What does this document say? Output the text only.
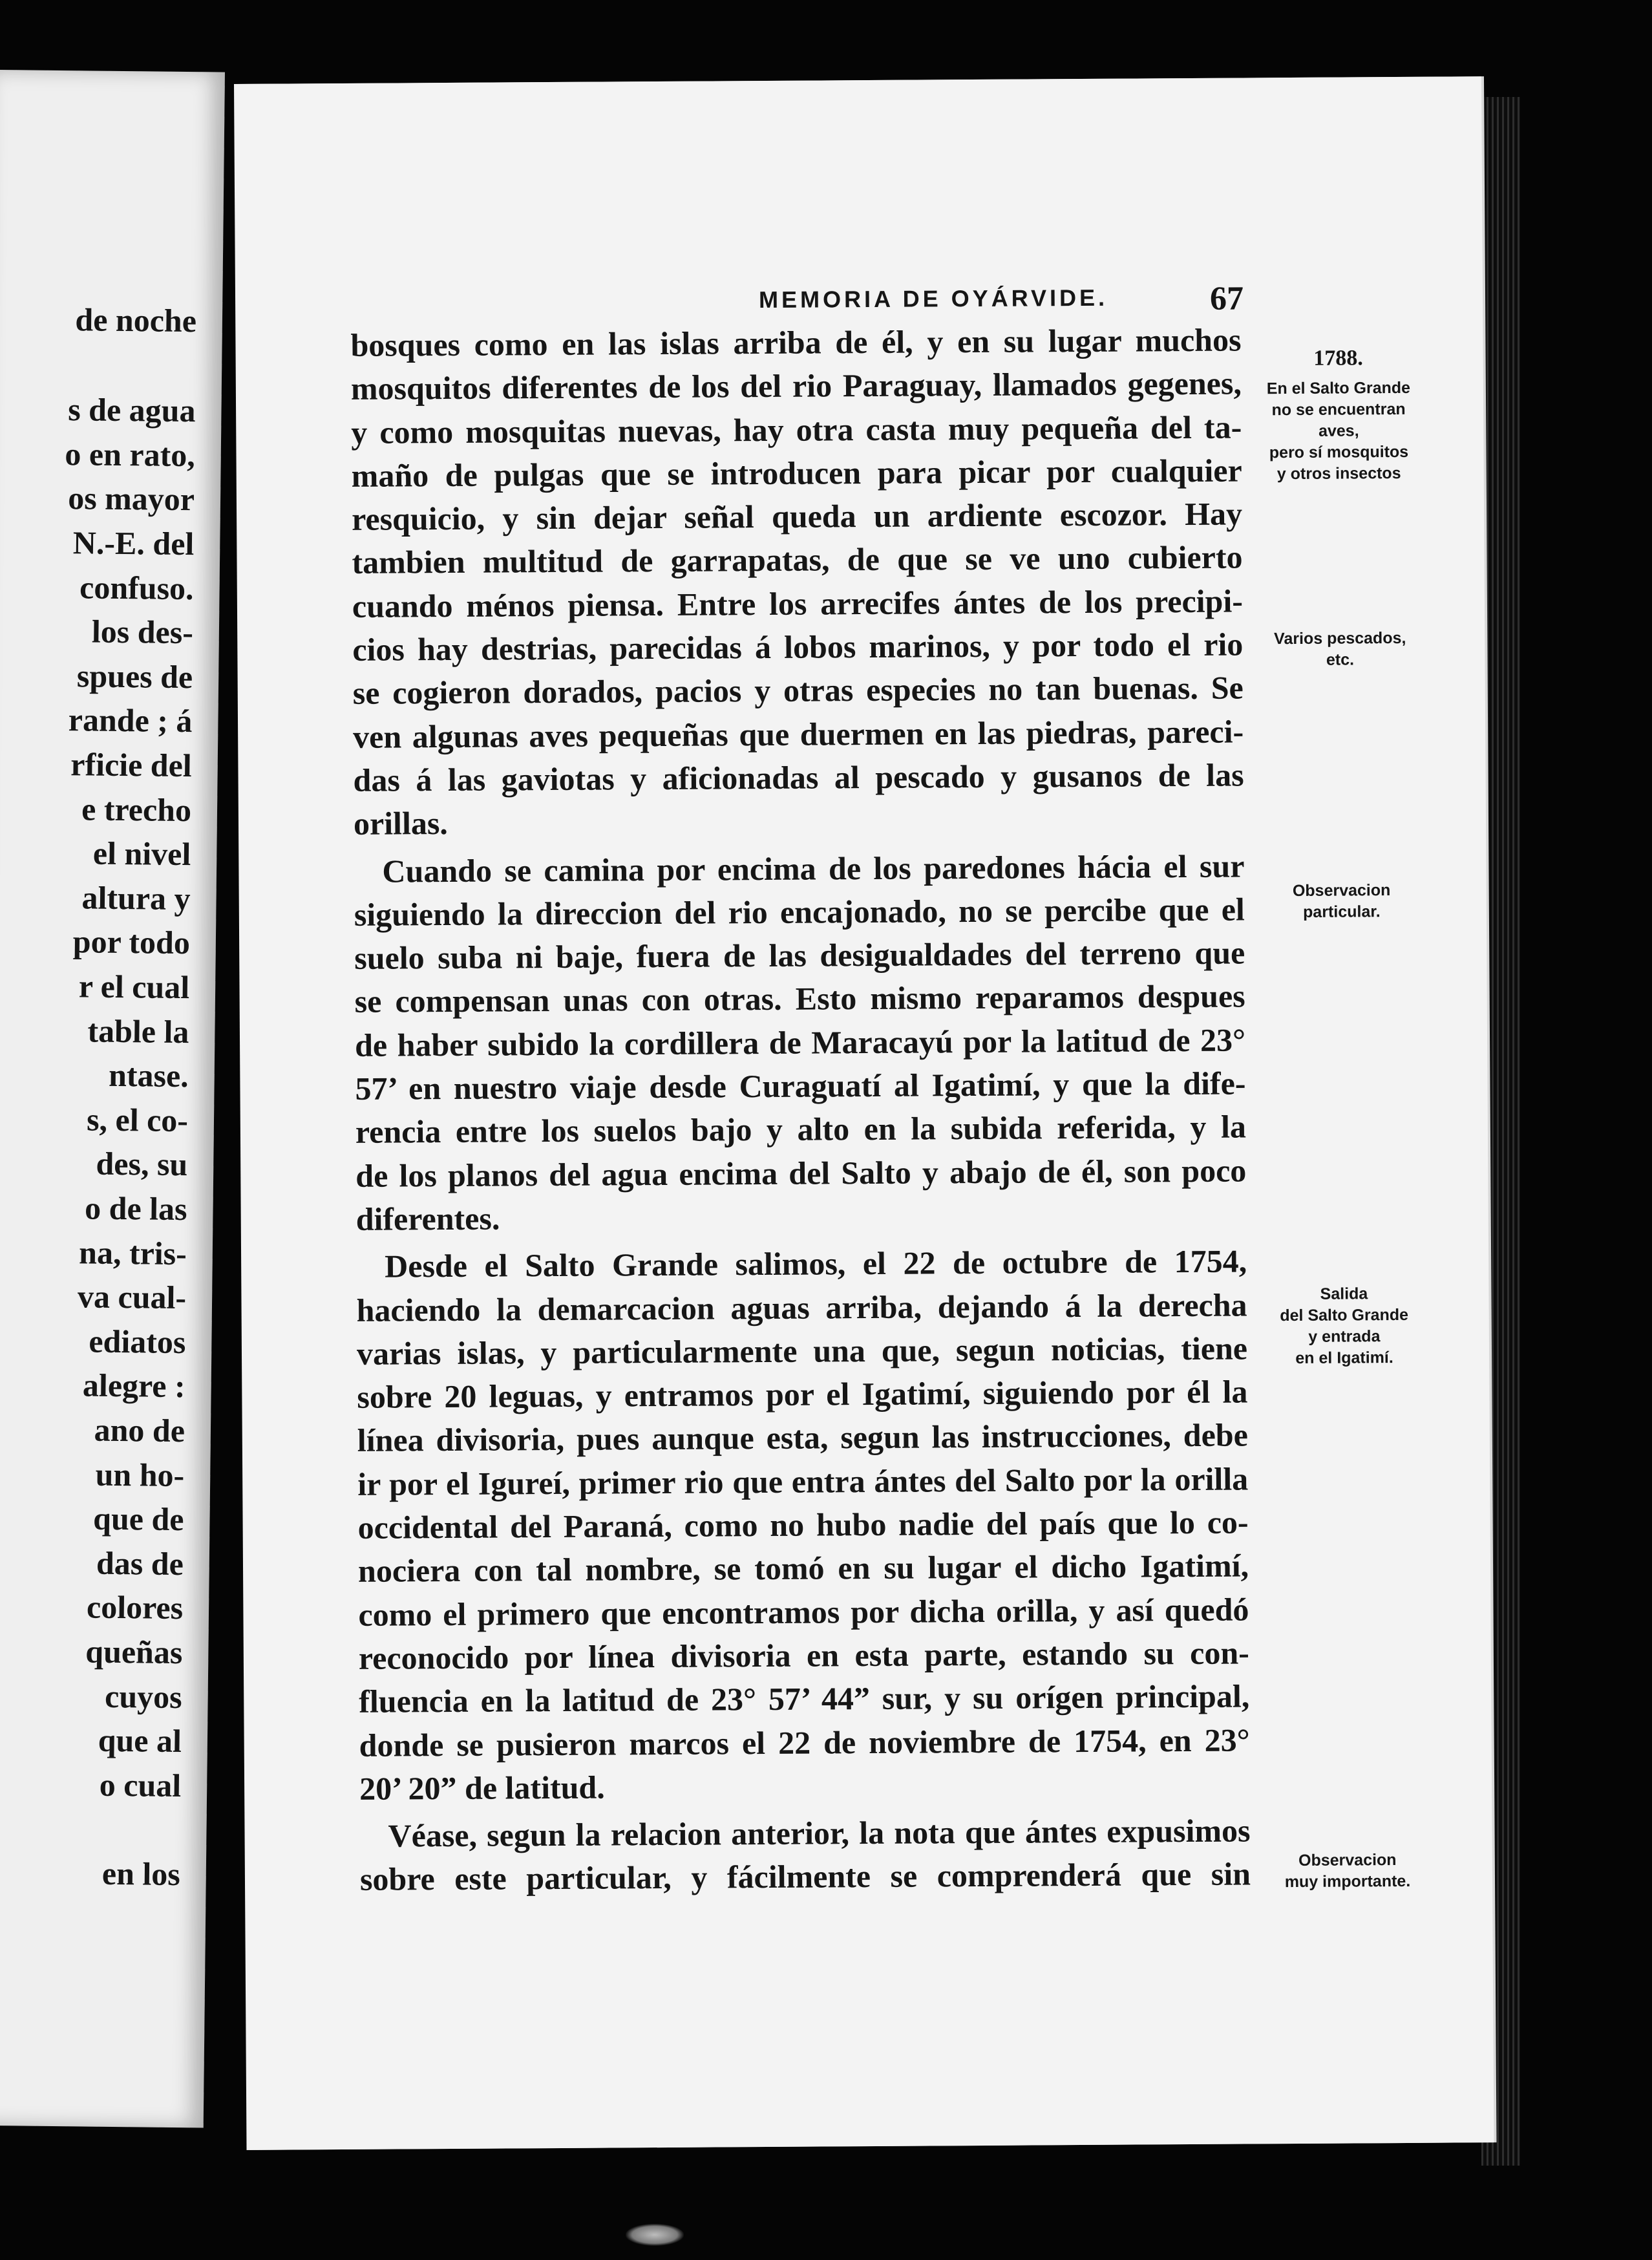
de noche
s de agua
o en rato,
os mayor
N.-E. del
confuso.
los des-
spues de
rande ; á
rficie del
e trecho
el nivel
altura y
por todo
r el cual
table la
ntase.
s, el co-
des, su
o de las
na, tris-
va cual-
ediatos
alegre :
ano de
un ho-
que de
das de
colores
queñas
cuyos
que al
o cual
en los
MEMORIA DE OYÁRVIDE.	67
bosques como en las islas arriba de él, y en su lugar muchos
mosquitos diferentes de los del rio Paraguay, llamados gegenes,
y como mosquitas nuevas, hay otra casta muy pequeña del ta-
maño de pulgas que se introducen para picar por cualquier
resquicio, y sin dejar señal queda un ardiente escozor. Hay
tambien multitud de garrapatas, de que se ve uno cubierto
cuando ménos piensa. Entre los arrecifes ántes de los precipi-
cios hay destrias, parecidas á lobos marinos, y por todo el rio
se cogieron dorados, pacios y otras especies no tan buenas. Se
ven algunas aves pequeñas que duermen en las piedras, pareci-
das á las gaviotas y aficionadas al pescado y gusanos de las
orillas.
Cuando se camina por encima de los paredones hácia el sur
siguiendo la direccion del rio encajonado, no se percibe que el
suelo suba ni baje, fuera de las desigualdades del terreno que
se compensan unas con otras. Esto mismo reparamos despues
de haber subido la cordillera de Maracayú por la latitud de 23°
57’ en nuestro viaje desde Curaguatí al Igatimí, y que la dife-
rencia entre los suelos bajo y alto en la subida referida, y la
de los planos del agua encima del Salto y abajo de él, son poco
diferentes.
Desde el Salto Grande salimos, el 22 de octubre de 1754,
haciendo la demarcacion aguas arriba, dejando á la derecha
varias islas, y particularmente una que, segun noticias, tiene
sobre 20 leguas, y entramos por el Igatimí, siguiendo por él la
línea divisoria, pues aunque esta, segun las instrucciones, debe
ir por el Igureí, primer rio que entra ántes del Salto por la orilla
occidental del Paraná, como no hubo nadie del país que lo co-
nociera con tal nombre, se tomó en su lugar el dicho Igatimí,
como el primero que encontramos por dicha orilla, y así quedó
reconocido por línea divisoria en esta parte, estando su con-
fluencia en la latitud de 23° 57’ 44” sur, y su orígen principal,
donde se pusieron marcos el 22 de noviembre de 1754, en 23°
20’ 20” de latitud.
Véase, segun la relacion anterior, la nota que ántes expusimos
sobre este particular, y fácilmente se comprenderá que sin
1788.
En el Salto Grande
no se encuentran
aves,
pero sí mosquitos
y otros insectos
Varios pescados,
etc.
Observacion
particular.
Salida
del Salto Grande
y entrada
en el Igatimí.
Observacion
muy importante.
